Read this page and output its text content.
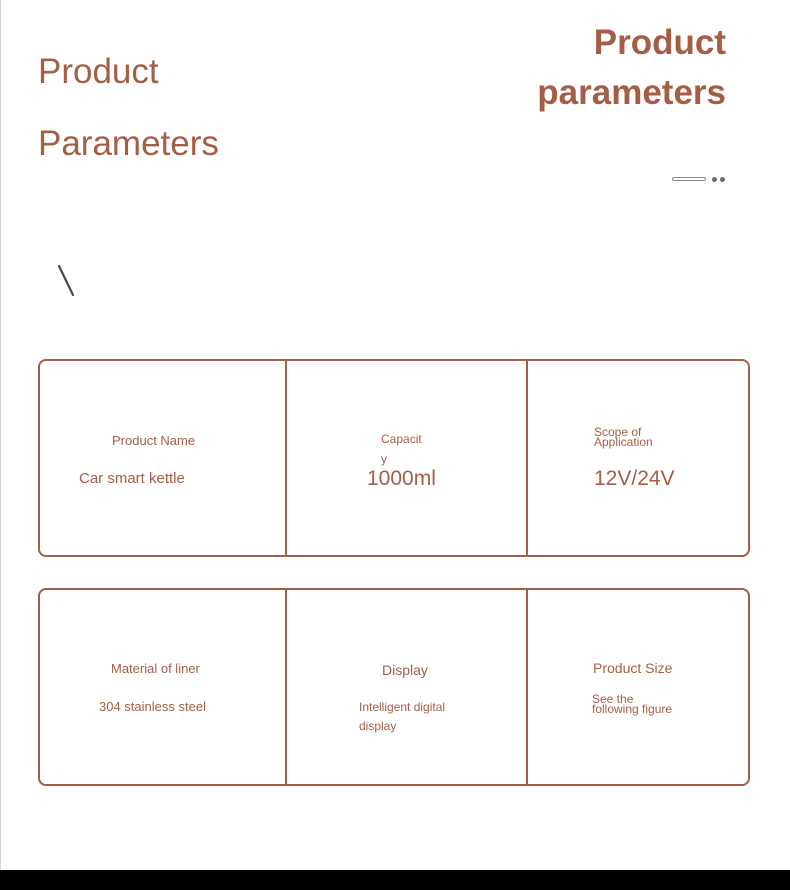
Product
Parameters
Product
parameters
Product Name
Car smart kettle
Capacit
y
1000ml
Scope of
Application
12V/24V
Material of liner
304 stainless steel
Display
Intelligent digital
display
Product Size
See the
following figure
